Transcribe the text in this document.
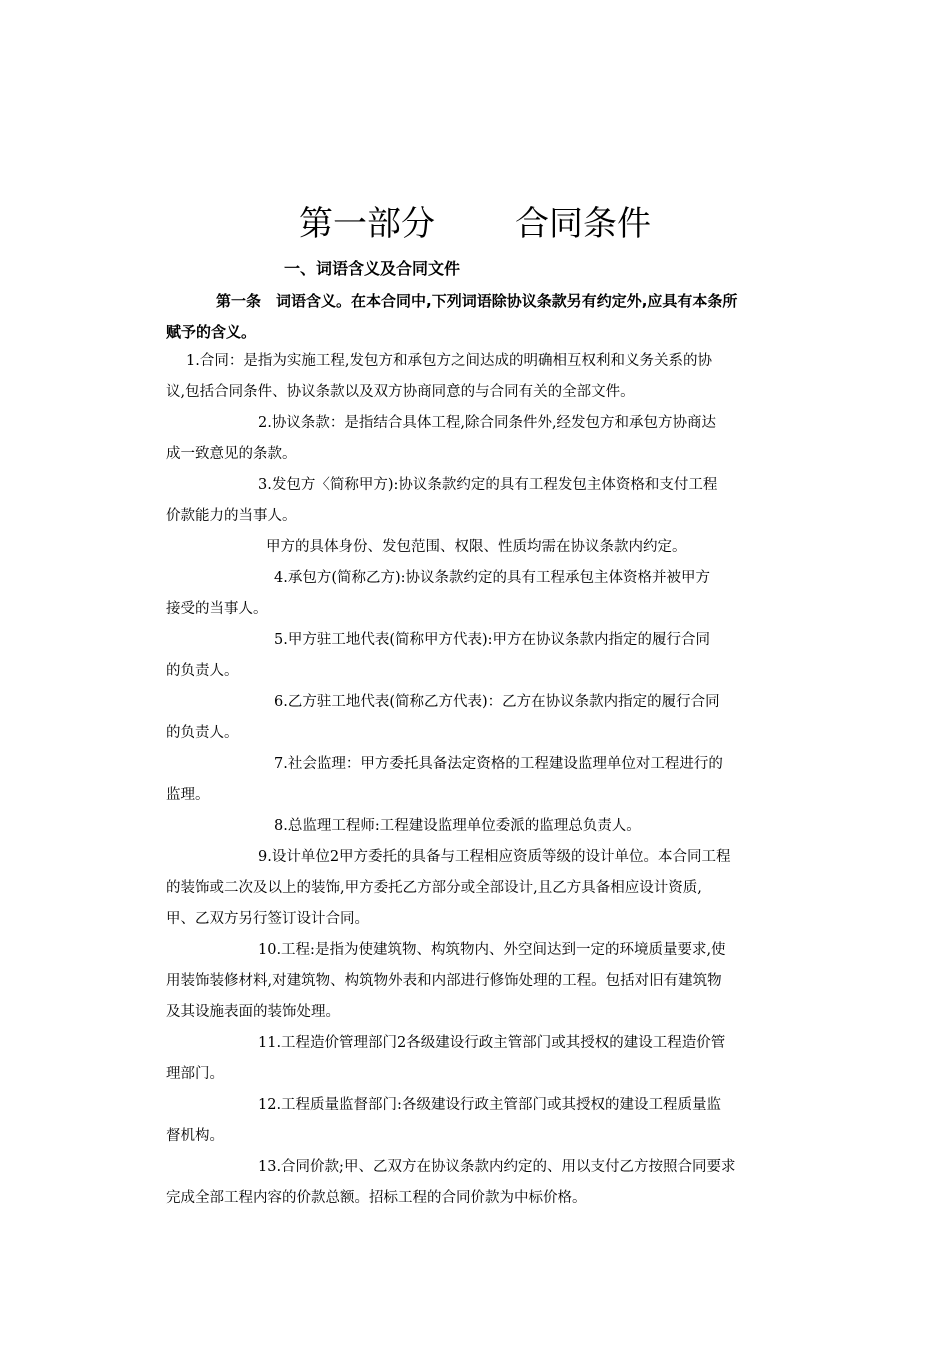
第一部分 合同条件
一、词语含义及合同文件
第一条　词语含义。在本合同中,下列词语除协议条款另有约定外,应具有本条所
赋予的含义。
1.合同：是指为实施工程,发包方和承包方之间达成的明确相互权利和义务关系的协
议,包括合同条件、协议条款以及双方协商同意的与合同有关的全部文件。
2.协议条款：是指结合具体工程,除合同条件外,经发包方和承包方协商达
成一致意见的条款。
3.发包方〈简称甲方):协议条款约定的具有工程发包主体资格和支付工程
价款能力的当事人。
甲方的具体身份、发包范围、权限、性质均需在协议条款内约定。
4.承包方(简称乙方):协议条款约定的具有工程承包主体资格并被甲方
接受的当事人。
5.甲方驻工地代表(简称甲方代表):甲方在协议条款内指定的履行合同
的负责人。
6.乙方驻工地代表(简称乙方代表)：乙方在协议条款内指定的履行合同
的负责人。
7.社会监理：甲方委托具备法定资格的工程建设监理单位对工程进行的
监理。
8.总监理工程师:工程建设监理单位委派的监理总负责人。
9.设计单位2甲方委托的具备与工程相应资质等级的设计单位。本合同工程
的装饰或二次及以上的装饰,甲方委托乙方部分或全部设计,且乙方具备相应设计资质,
甲、乙双方另行签订设计合同。
10.工程:是指为使建筑物、构筑物内、外空间达到一定的环境质量要求,使
用装饰装修材料,对建筑物、构筑物外表和内部进行修饰处理的工程。包括对旧有建筑物
及其设施表面的装饰处理。
11.工程造价管理部门2各级建设行政主管部门或其授权的建设工程造价管
理部门。
12.工程质量监督部门:各级建设行政主管部门或其授权的建设工程质量监
督机构。
13.合同价款;甲、乙双方在协议条款内约定的、用以支付乙方按照合同要求
完成全部工程内容的价款总额。招标工程的合同价款为中标价格。
